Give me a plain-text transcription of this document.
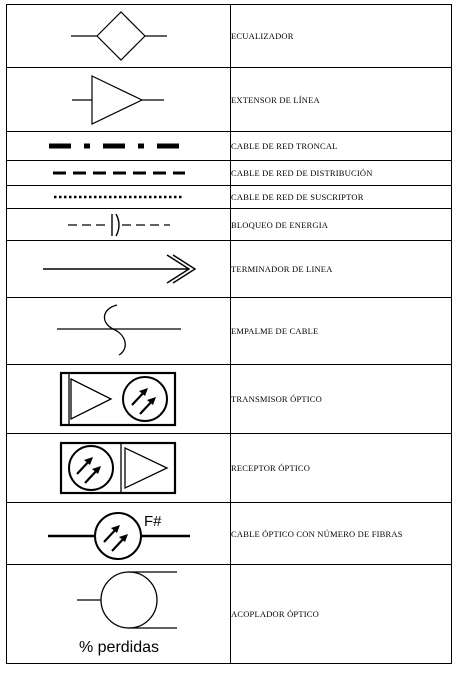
	ECUALIZADOR

	EXTENSOR DE LÍNEA

	CABLE DE RED TRONCAL

	CABLE DE RED DE DISTRIBUCIÓN

	CABLE DE RED DE SUSCRIPTOR

	BLOQUEO DE ENERGIA

	TERMINADOR DE LINEA

	EMPALME DE CABLE

	TRANSMISOR ÓPTICO

	RECEPTOR ÓPTICO

F#	CABLE ÓPTICO CON NÚMERO DE FIBRAS

% perdidas	ACOPLADOR ÓPTICO
